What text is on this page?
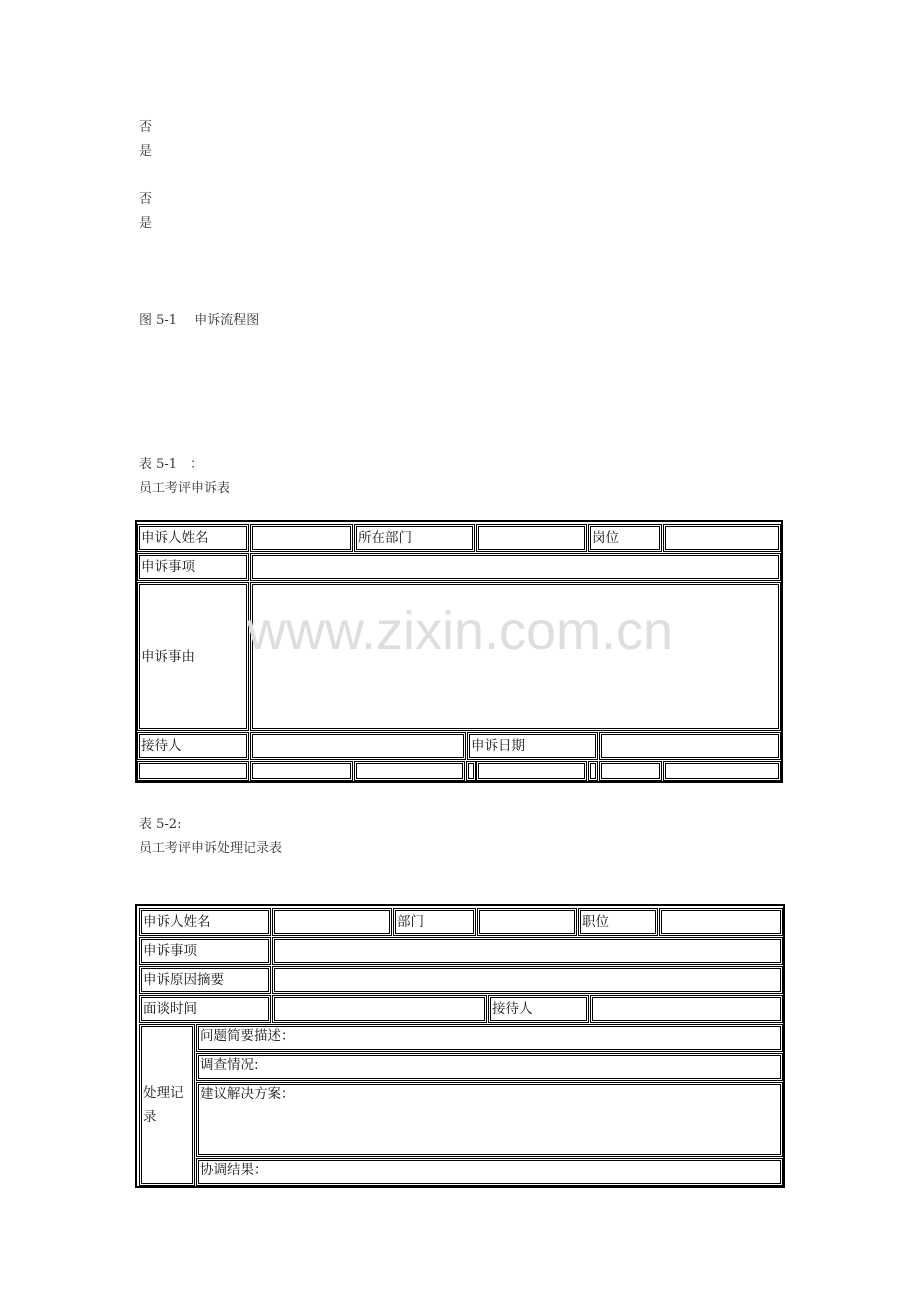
否
是
否
是
图 5-1　 申诉流程图
表 5-1　：
员工考评申诉表
申诉人姓名	所在部门	岗位
申诉事项
申诉事由
接待人	申诉日期
表 5-2:
员工考评申诉处理记录表
申诉人姓名	部门	职位
申诉事项
申诉原因摘要
面谈时间	接待人
处理记录
问题简要描述：
调查情况:
建议解决方案：
协调结果：
www.zixin.com.cn
